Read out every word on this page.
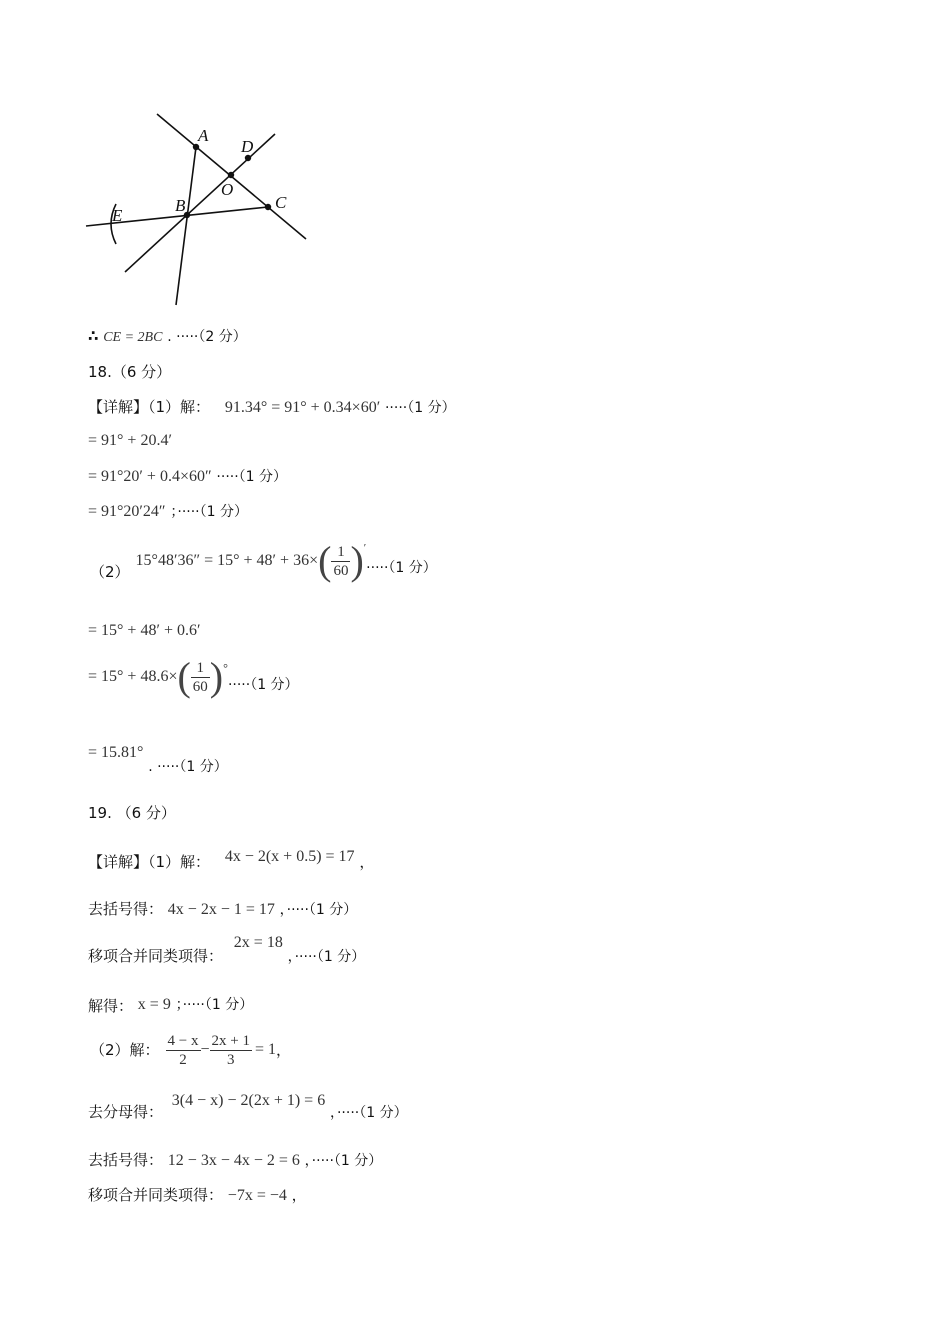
A
D
O
C
B
E
∴ CE = 2BC . ·····（2 分）
18.（6 分）
【详解】（1）解： 91.34° = 91° + 0.34×60′ ·····（1 分）
= 91° + 20.4′
= 91°20′ + 0.4×60″ ·····（1 分）
= 91°20′24″ ；·····（1 分）
（2）
15°48′36″ = 15° + 48′ + 36× ( $\frac{1}{60}$ ) ′
·····（1 分）
= 15° + 48′ + 0.6′
= 15° + 48.6× ( $\frac{1}{60}$ ) °
·····（1 分）
= 15.81° . ·····（1 分）
19. （6 分）
【详解】（1）解： 4x − 2(x + 0.5) = 17 ，
去括号得： 4x − 2x − 1 = 17 ，·····（1 分）
移项合并同类项得： 2x = 18 ，·····（1 分）
解得： x = 9 ；·····（1 分）
（2）解： $\frac{4 - x}{2} - \frac{2x + 1}{3} = 1$ ，
去分母得： 3(4 − x) − 2(2x + 1) = 6 ，·····（1 分）
去括号得： 12 − 3x − 4x − 2 = 6 ，·····（1 分）
移项合并同类项得： −7x = −4 ，
